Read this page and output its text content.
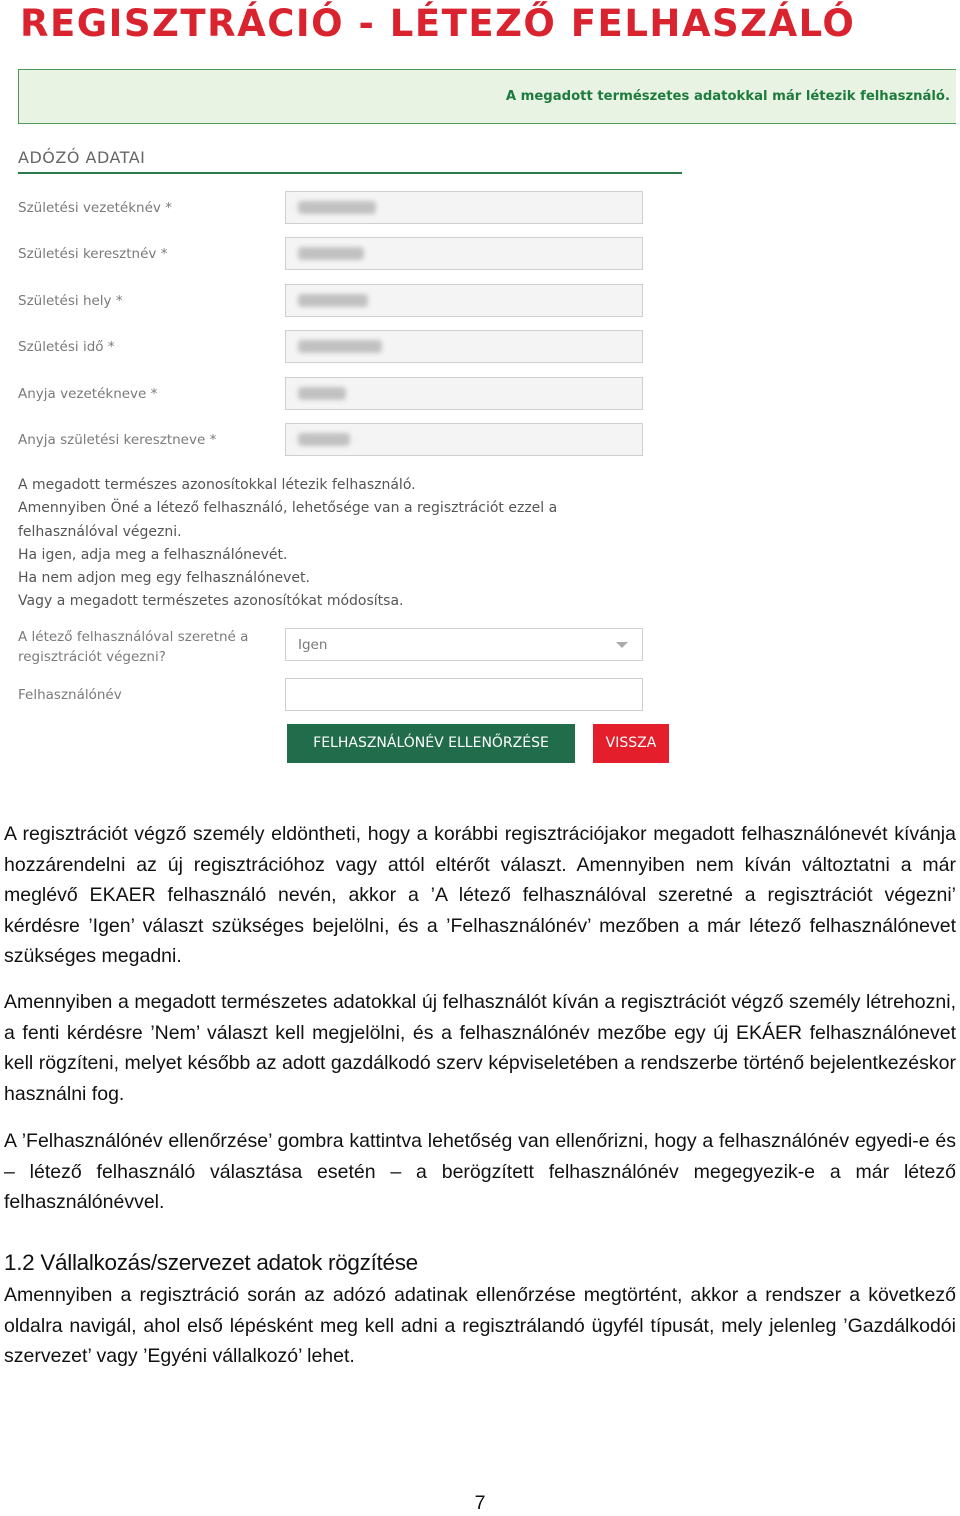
REGISZTRÁCIÓ - LÉTEZŐ FELHASZÁLÓ
A megadott természetes adatokkal már létezik felhasználó.
ADÓZÓ ADATAI
Születési vezetéknév *
Születési keresztnév *
Születési hely *
Születési idő *
Anyja vezetékneve *
Anyja születési keresztneve *
A megadott természes azonosítokkal létezik felhasználó.
Amennyiben Öné a létező felhasználó, lehetősége van a regisztrációt ezzel a
felhasználóval végezni.
Ha igen, adja meg a felhasználónevét.
Ha nem adjon meg egy felhasználónevet.
Vagy a megadott természetes azonosítókat módosítsa.
A létező felhasználóval szeretné a
regisztrációt végezni?
Igen
Felhasználónév
FELHASZNÁLÓNÉV ELLENŐRZÉSE	VISSZA

A regisztrációt végző személy eldöntheti, hogy a korábbi regisztrációjakor megadott felhasználónevét kívánja hozzárendelni az új regisztrációhoz vagy attól eltérőt választ. Amennyiben nem kíván változtatni a már meglévő EKAER felhasználó nevén, akkor a ’A létező felhasználóval szeretné a regisztrációt végezni’ kérdésre ’Igen’ választ szükséges bejelölni, és a ’Felhasználónév’ mezőben a már létező felhasználónevet szükséges megadni.

Amennyiben a megadott természetes adatokkal új felhasználót kíván a regisztrációt végző személy létrehozni, a fenti kérdésre ’Nem’ választ kell megjelölni, és a felhasználónév mezőbe egy új EKÁER felhasználónevet kell rögzíteni, melyet később az adott gazdálkodó szerv képviseletében a rendszerbe történő bejelentkezéskor használni fog.

A ’Felhasználónév ellenőrzése’ gombra kattintva lehetőség van ellenőrizni, hogy a felhasználónév egyedi-e és – létező felhasználó választása esetén – a berögzített felhasználónév megegyezik-e a már létező felhasználónévvel.

1.2 Vállalkozás/szervezet adatok rögzítése

Amennyiben a regisztráció során az adózó adatinak ellenőrzése megtörtént, akkor a rendszer a következő oldalra navigál, ahol első lépésként meg kell adni a regisztrálandó ügyfél típusát, mely jelenleg ’Gazdálkodói szervezet’ vagy ’Egyéni vállalkozó’ lehet.

7
